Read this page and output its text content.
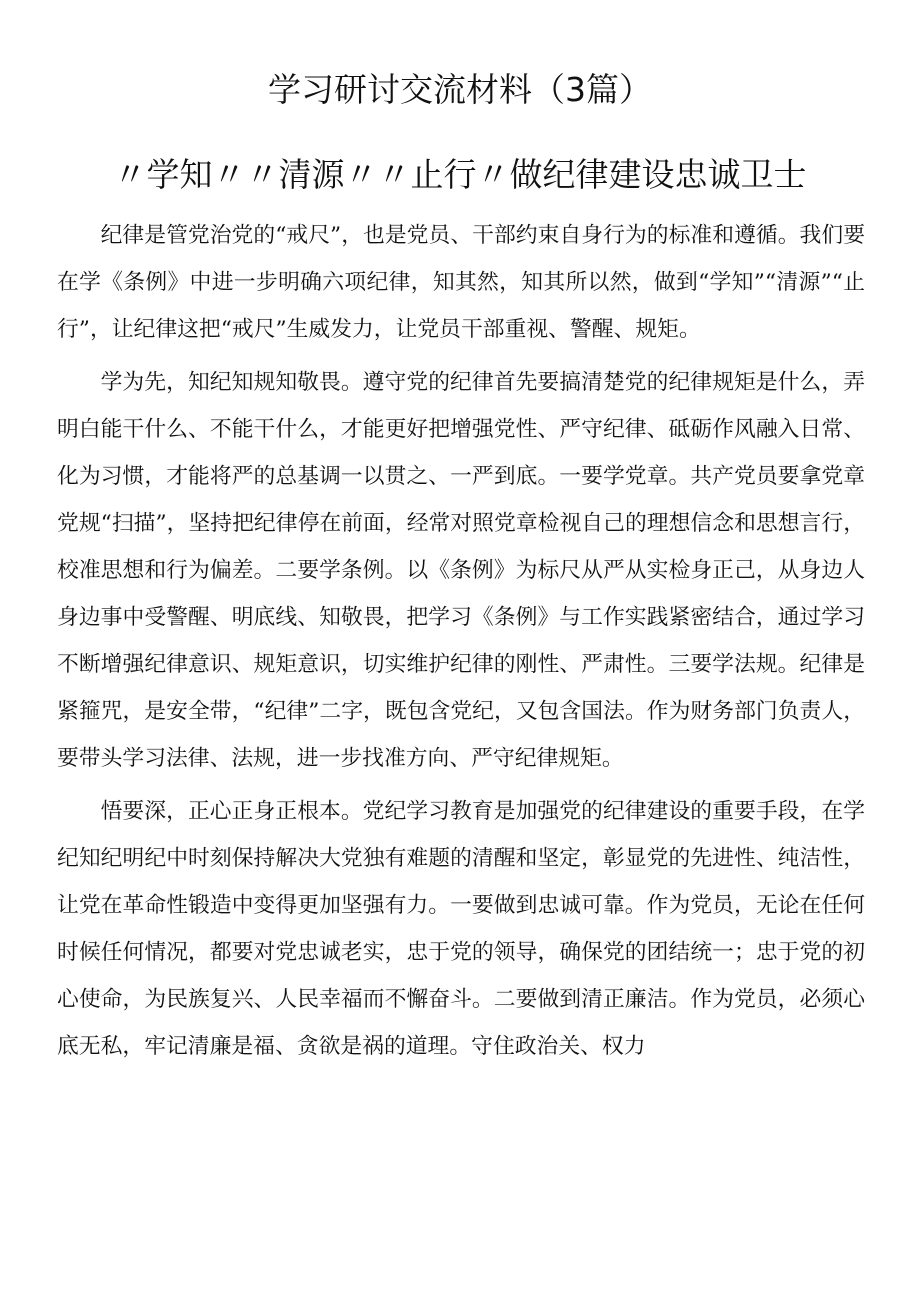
学习研讨交流材料（3篇）
〃学知〃〃清源〃〃止行〃做纪律建设忠诚卫士

纪律是管党治党的“戒尺”，也是党员、干部约束自身行为的标准和遵循。我们要在学《条例》中进一步明确六项纪律，知其然，知其所以然，做到“学知”“清源”“止行”，让纪律这把“戒尺”生威发力，让党员干部重视、警醒、规矩。

学为先，知纪知规知敬畏。遵守党的纪律首先要搞清楚党的纪律规矩是什么，弄明白能干什么、不能干什么，才能更好把增强党性、严守纪律、砥砺作风融入日常、化为习惯，才能将严的总基调一以贯之、一严到底。一要学党章。共产党员要拿党章党规“扫描”，坚持把纪律停在前面，经常对照党章检视自己的理想信念和思想言行，校准思想和行为偏差。二要学条例。以《条例》为标尺从严从实检身正己，从身边人身边事中受警醒、明底线、知敬畏，把学习《条例》与工作实践紧密结合，通过学习不断增强纪律意识、规矩意识，切实维护纪律的刚性、严肃性。三要学法规。纪律是紧箍咒，是安全带，“纪律”二字，既包含党纪，又包含国法。作为财务部门负责人，要带头学习法律、法规，进一步找准方向、严守纪律规矩。

悟要深，正心正身正根本。党纪学习教育是加强党的纪律建设的重要手段，在学纪知纪明纪中时刻保持解决大党独有难题的清醒和坚定，彰显党的先进性、纯洁性，让党在革命性锻造中变得更加坚强有力。一要做到忠诚可靠。作为党员，无论在任何时候任何情况，都要对党忠诚老实，忠于党的领导，确保党的团结统一；忠于党的初心使命，为民族复兴、人民幸福而不懈奋斗。二要做到清正廉洁。作为党员，必须心底无私，牢记清廉是福、贪欲是祸的道理。守住政治关、权力
